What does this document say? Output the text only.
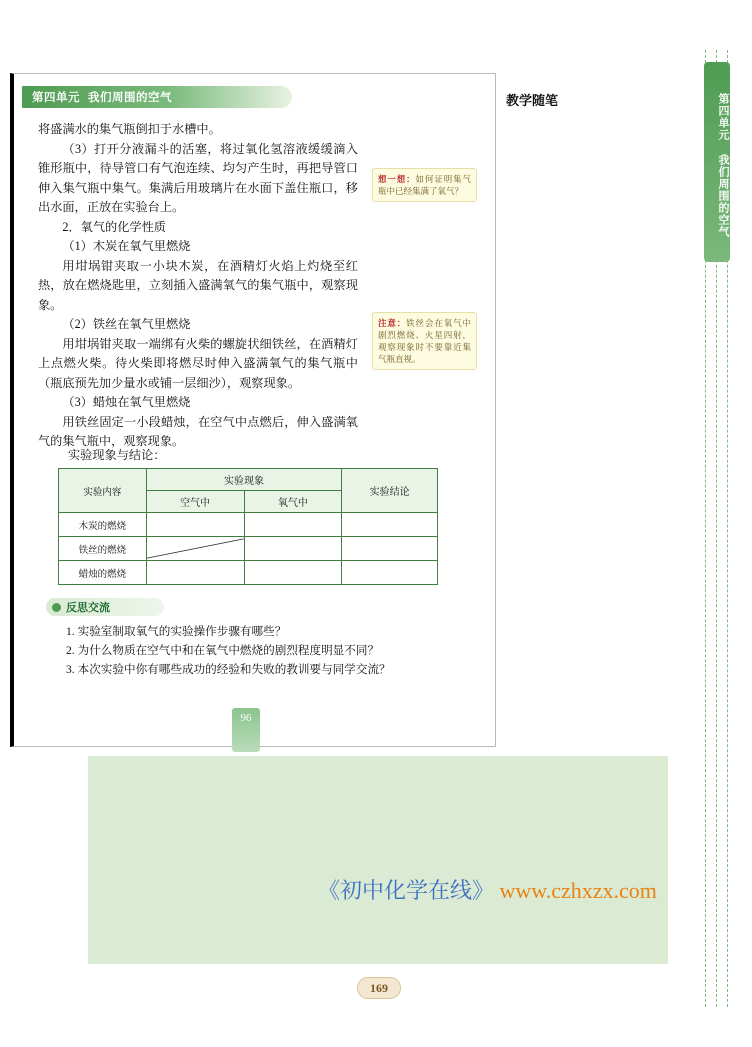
第四单元 我们周围的空气
第四单元 我们周围的空气

将盛满水的集气瓶倒扣于水槽中。

（3）打开分液漏斗的活塞，将过氧化氢溶液缓缓滴入锥形瓶中，待导管口有气泡连续、均匀产生时，再把导管口伸入集气瓶中集气。集满后用玻璃片在水面下盖住瓶口，移出水面，正放在实验台上。

2．氧气的化学性质

（1）木炭在氧气里燃烧

用坩埚钳夹取一小块木炭，在酒精灯火焰上灼烧至红热，放在燃烧匙里，立刻插入盛满氧气的集气瓶中，观察现象。

（2）铁丝在氧气里燃烧

用坩埚钳夹取一端绑有火柴的螺旋状细铁丝，在酒精灯上点燃火柴。待火柴即将燃尽时伸入盛满氧气的集气瓶中（瓶底预先加少量水或铺一层细沙），观察现象。

（3）蜡烛在氧气里燃烧

用铁丝固定一小段蜡烛，在空气中点燃后，伸入盛满氧气的集气瓶中，观察现象。

想一想：如何证明集气瓶中已经集满了氧气？
注意：铁丝会在氧气中剧烈燃烧、火星四射，观察现象时不要靠近集气瓶直视。
实验现象与结论：
实验内容	实验现象		实验结论
	空气中	氧气中	
木炭的燃烧			
铁丝的燃烧	

蜡烛的燃烧			
反思交流
1. 实验室制取氧气的实验操作步骤有哪些？
2. 为什么物质在空气中和在氧气中燃烧的剧烈程度明显不同？
3. 本次实验中你有哪些成功的经验和失败的教训要与同学交流？
96
教学随笔
《初中化学在线》 www.czhxzx.com
169
